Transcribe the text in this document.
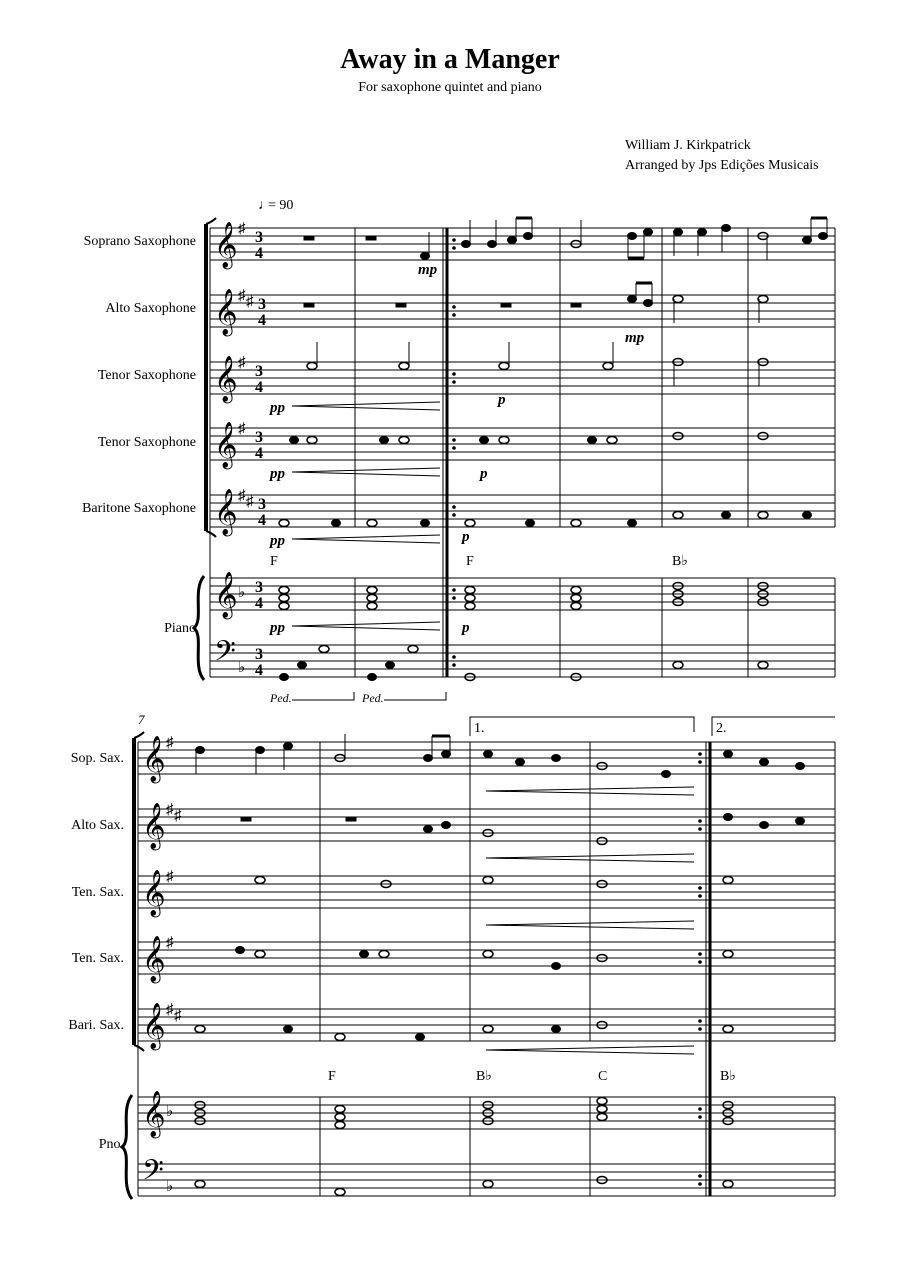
Away in a Manger
For saxophone quintet and piano
William J. Kirkpatrick
Arranged by Jps Edições Musicais
♩
= 90
Soprano Saxophone
Alto Saxophone
Tenor Saxophone
Tenor Saxophone
Baritone Saxophone
Piano
𝄞
𝄞
𝄞
𝄞
𝄞
𝄞
𝄢
♯
♯ ♯
♯
♯
♯ ♯
♭
♭
3
4
3
4
3
4
3
4
3
4
3
4
3
4
mp
mp
pp	p
pp	p
pp	p
pp	p
F	F	B♭
Ped.	Ped.
7
Sop. Sax.
Alto Sax.
Ten. Sax.
Ten. Sax.
Bari. Sax.
Pno.
1.	2.
𝄞
𝄞
𝄞
𝄞
𝄞
𝄞
𝄢
♯
♯ ♯
♯
♯
♯ ♯
♭
♭
F	B♭	C	B♭
